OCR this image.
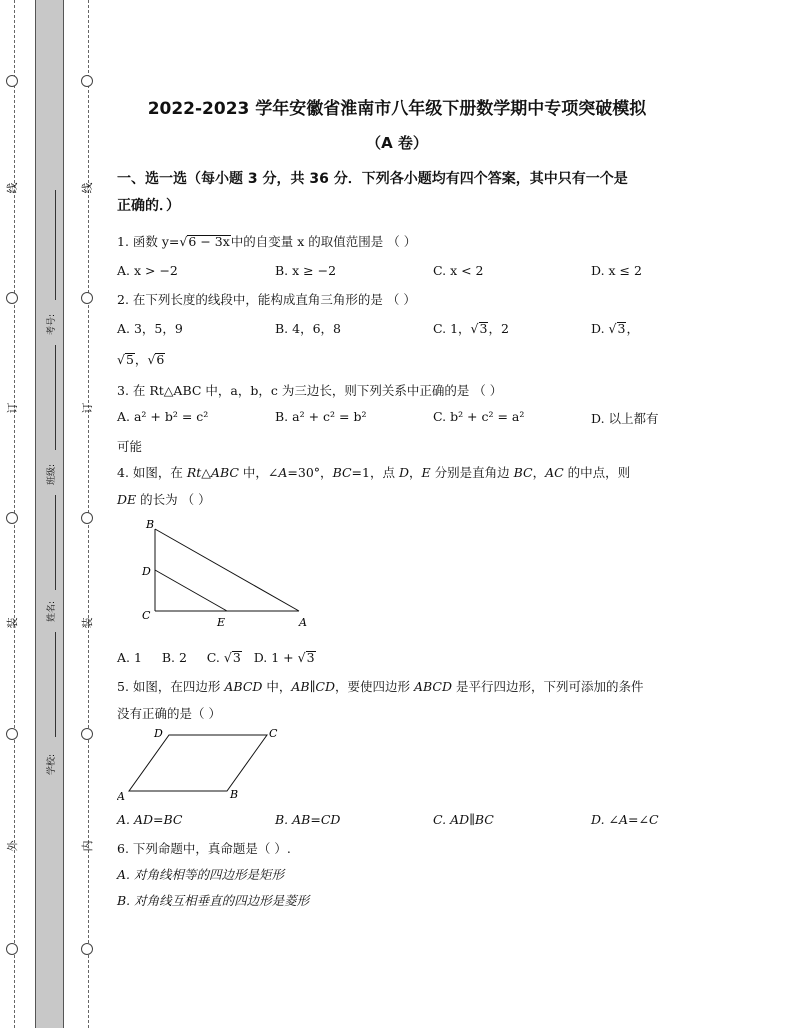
线
订
装
外
线
订
装
内
考号:
班级:
姓名:
学校:
2022-2023 学年安徽省淮南市八年级下册数学期中专项突破模拟
（A 卷）
一、选一选（每小题 3 分，共 36 分．下列各小题均有四个答案，其中只有一个是
正确的．）
1. 函数 y=√6 − 3x中的自变量 x 的取值范围是 （ ）
A. x > −2	B. x ≥ −2	C. x < 2	D. x ≤ 2
2. 在下列长度的线段中，能构成直角三角形的是 （ ）
A. 3，5，9	B. 4，6，8	C. 1，√3，2	D. √3，
√5，√6
3. 在 Rt△ABC 中，a，b，c 为三边长，则下列关系中正确的是 （ ）
A. a² + b² = c²	B. a² + c² = b²	C. b² + c² = a²	D. 以上都有
可能
4. 如图，在 Rt△ABC 中，∠A=30°，BC=1，点 D，E 分别是直角边 BC，AC 的中点，则
DE 的长为 （ ）
B
D
C
E	A
A. 1 B. 2 C. √3 D. 1 + √3
5. 如图，在四边形 ABCD 中，AB∥CD，要使四边形 ABCD 是平行四边形，下列可添加的条件
没有正确的是（ ）
D	C
A	B
A. AD=BC	B. AB=CD	C. AD∥BC	D. ∠A=∠C
6. 下列命题中，真命题是（ ）.
A. 对角线相等的四边形是矩形
B. 对角线互相垂直的四边形是菱形
